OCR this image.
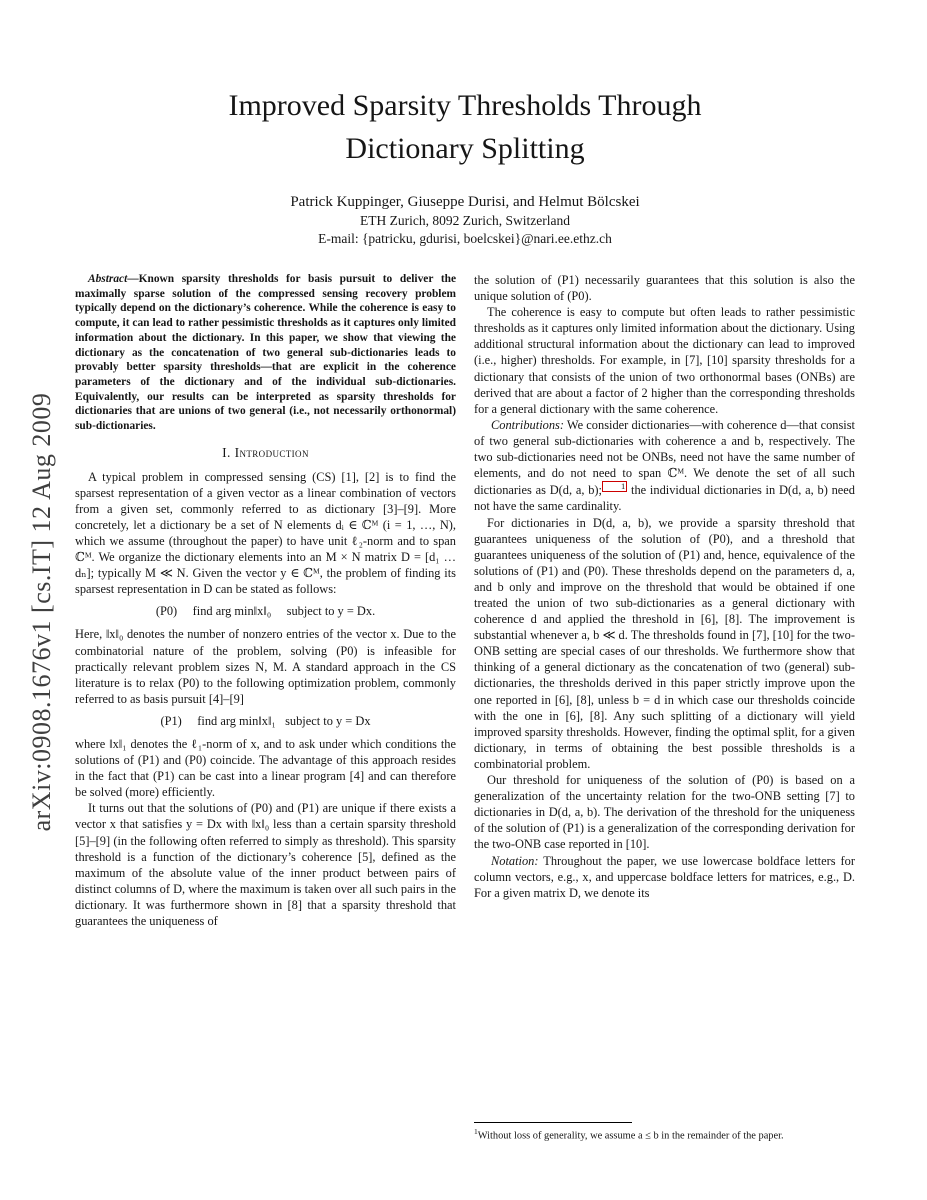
arXiv:0908.1676v1 [cs.IT] 12 Aug 2009
Improved Sparsity Thresholds Through
Dictionary Splitting
Patrick Kuppinger, Giuseppe Durisi, and Helmut Bölcskei
ETH Zurich, 8092 Zurich, Switzerland
E-mail: {patricku, gdurisi, boelcskei}@nari.ee.ethz.ch

Abstract—Known sparsity thresholds for basis pursuit to deliver the maximally sparse solution of the compressed sensing recovery problem typically depend on the dictionary’s coherence. While the coherence is easy to compute, it can lead to rather pessimistic thresholds as it captures only limited information about the dictionary. In this paper, we show that viewing the dictionary as the concatenation of two general sub-dictionaries leads to provably better sparsity thresholds—that are explicit in the coherence parameters of the dictionary and of the individual sub-dictionaries. Equivalently, our results can be interpreted as sparsity thresholds for dictionaries that are unions of two general (i.e., not necessarily orthonormal) sub-dictionaries.

I. Introduction

A typical problem in compressed sensing (CS) [1], [2] is to find the sparsest representation of a given vector as a linear combination of vectors from a given set, commonly referred to as dictionary [3]–[9]. More concretely, let a dictionary be a set of N elements dᵢ ∈ ℂᴹ (i = 1, …, N), which we assume (throughout the paper) to have unit ℓ₂-norm and to span ℂᴹ. We organize the dictionary elements into an M × N matrix D = [d₁ … dₙ]; typically M ≪ N. Given the vector y ∈ ℂᴹ, the problem of finding its sparsest representation in D can be stated as follows:

(P0)  find arg min‖x‖₀  subject to y = Dx.

Here, ‖x‖₀ denotes the number of nonzero entries of the vector x. Due to the combinatorial nature of the problem, solving (P0) is infeasible for practically relevant problem sizes N, M. A standard approach in the CS literature is to relax (P0) to the following optimization problem, commonly referred to as basis pursuit [4]–[9]

(P1)  find arg min‖x‖₁  subject to y = Dx

where ‖x‖₁ denotes the ℓ₁-norm of x, and to ask under which conditions the solutions of (P1) and (P0) coincide. The advantage of this approach resides in the fact that (P1) can be cast into a linear program [4] and can therefore be solved (more) efficiently.

It turns out that the solutions of (P0) and (P1) are unique if there exists a vector x that satisfies y = Dx with ‖x‖₀ less than a certain sparsity threshold [5]–[9] (in the following often referred to simply as threshold). This sparsity threshold is a function of the dictionary’s coherence [5], defined as the maximum of the absolute value of the inner product between pairs of distinct columns of D, where the maximum is taken over all such pairs in the dictionary. It was furthermore shown in [8] that a sparsity threshold that guarantees the uniqueness of

the solution of (P1) necessarily guarantees that this solution is also the unique solution of (P0).

The coherence is easy to compute but often leads to rather pessimistic thresholds as it captures only limited information about the dictionary. Using additional structural information about the dictionary can lead to improved (i.e., higher) thresholds. For example, in [7], [10] sparsity thresholds for a dictionary that consists of the union of two orthonormal bases (ONBs) are derived that are about a factor of 2 higher than the corresponding thresholds for a general dictionary with the same coherence.

Contributions: We consider dictionaries—with coherence d—that consist of two general sub-dictionaries with coherence a and b, respectively. The two sub-dictionaries need not be ONBs, need not have the same number of elements, and do not need to span ℂᴹ. We denote the set of all such dictionaries as D(d, a, b); 1 the individual dictionaries in D(d, a, b) need not have the same cardinality.

For dictionaries in D(d, a, b), we provide a sparsity threshold that guarantees uniqueness of the solution of (P0), and a threshold that guarantees uniqueness of the solution of (P1) and, hence, equivalence of the solutions of (P1) and (P0). These thresholds depend on the parameters d, a, and b only and improve on the threshold that would be obtained if one treated the union of two sub-dictionaries as a general dictionary with coherence d and applied the threshold in [6], [8]. The improvement is substantial whenever a, b ≪ d. The thresholds found in [7], [10] for the two-ONB setting are special cases of our thresholds. We furthermore show that thinking of a general dictionary as the concatenation of two (general) sub-dictionaries, the thresholds derived in this paper strictly improve upon the one reported in [6], [8], unless b = d in which case our thresholds coincide with the one in [6], [8]. Any such splitting of a dictionary will yield improved sparsity thresholds. However, finding the optimal split, for a given dictionary, in terms of obtaining the best possible thresholds is a combinatorial problem.

Our threshold for uniqueness of the solution of (P0) is based on a generalization of the uncertainty relation for the two-ONB setting [7] to dictionaries in D(d, a, b). The derivation of the threshold for the uniqueness of the solution of (P1) is a generalization of the corresponding derivation for the two-ONB case reported in [10].

Notation: Throughout the paper, we use lowercase boldface letters for column vectors, e.g., x, and uppercase boldface letters for matrices, e.g., D. For a given matrix D, we denote its

$^1$Without loss of generality, we assume a ≤ b in the remainder of the paper.
